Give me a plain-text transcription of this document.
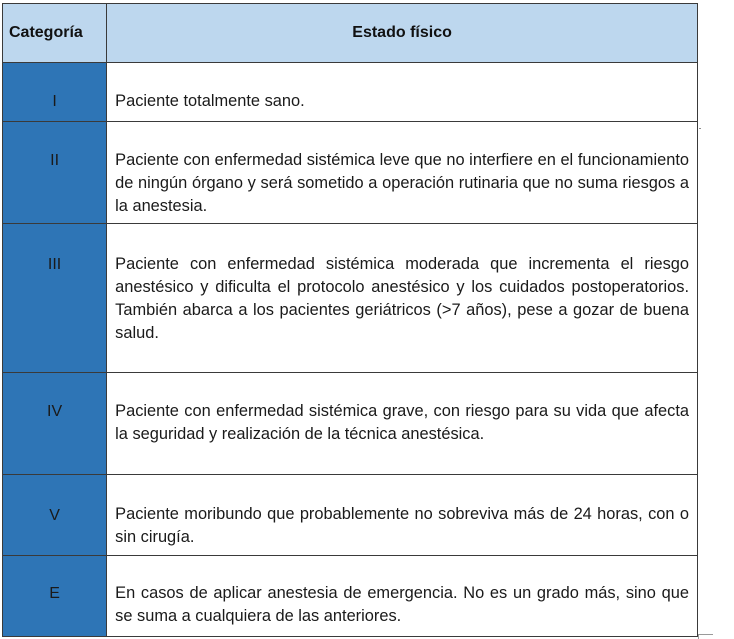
Categoría	Estado físico

I	Paciente totalmente sano.

II	Paciente con enfermedad sistémica leve que no interfiere en el funcionamiento de ningún órgano y será sometido a operación rutinaria que no suma riesgos a la anestesia.

III	Paciente con enfermedad sistémica moderada que incrementa el riesgo anestésico y dificulta el protocolo anestésico y los cuidados postoperatorios. También abarca a los pacientes geriátricos (>7 años), pese a gozar de buena salud.

IV	Paciente con enfermedad sistémica grave, con riesgo para su vida que afecta la seguridad y realización de la técnica anestésica.

V	Paciente moribundo que probablemente no sobreviva más de 24 horas, con o sin cirugía.

E	En casos de aplicar anestesia de emergencia. No es un grado más, sino que se suma a cualquiera de las anteriores.
